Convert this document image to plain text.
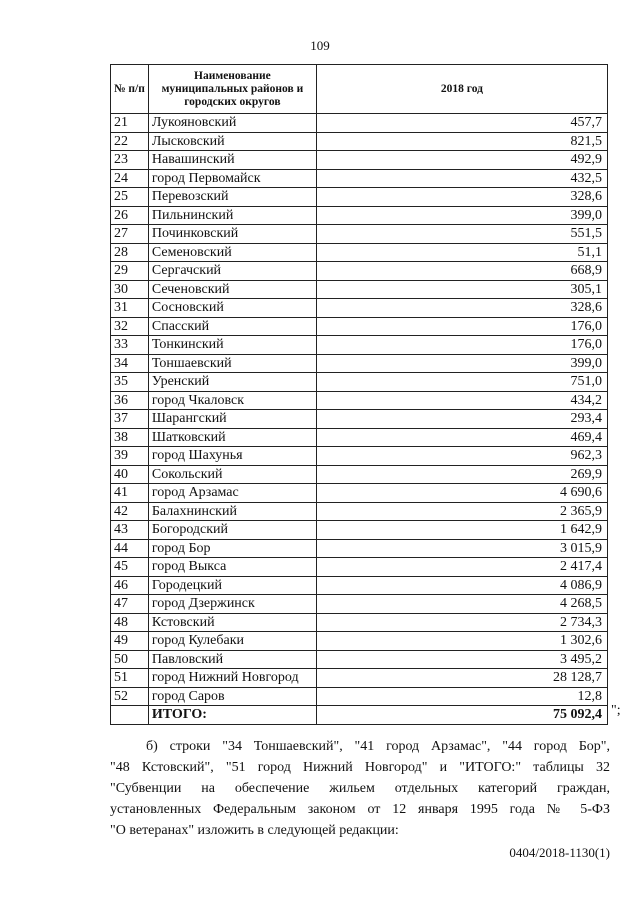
109
№ п/п	Наименование муниципальных районов и городских округов	2018 год
21	Лукояновский	457,7
22	Лысковский	821,5
23	Навашинский	492,9
24	город Первомайск	432,5
25	Перевозский	328,6
26	Пильнинский	399,0
27	Починковский	551,5
28	Семеновский	51,1
29	Сергачский	668,9
30	Сеченовский	305,1
31	Сосновский	328,6
32	Спасский	176,0
33	Тонкинский	176,0
34	Тоншаевский	399,0
35	Уренский	751,0
36	город Чкаловск	434,2
37	Шарангский	293,4
38	Шатковский	469,4
39	город Шахунья	962,3
40	Сокольский	269,9
41	город Арзамас	4 690,6
42	Балахнинский	2 365,9
43	Богородский	1 642,9
44	город Бор	3 015,9
45	город Выкса	2 417,4
46	Городецкий	4 086,9
47	город Дзержинск	4 268,5
48	Кстовский	2 734,3
49	город Кулебаки	1 302,6
50	Павловский	3 495,2
51	город Нижний Новгород	28 128,7
52	город Саров	12,8
	ИТОГО:	75 092,4 ";
б) строки "34 Тоншаевский", "41 город Арзамас", "44 город Бор",
"48 Кстовский", "51 город Нижний Новгород" и "ИТОГО:" таблицы 32
"Субвенции на обеспечение жильем отдельных категорий граждан,
установленных Федеральным законом от 12 января 1995 года № 5-ФЗ
"О ветеранах" изложить в следующей редакции:
0404/2018-1130(1)
